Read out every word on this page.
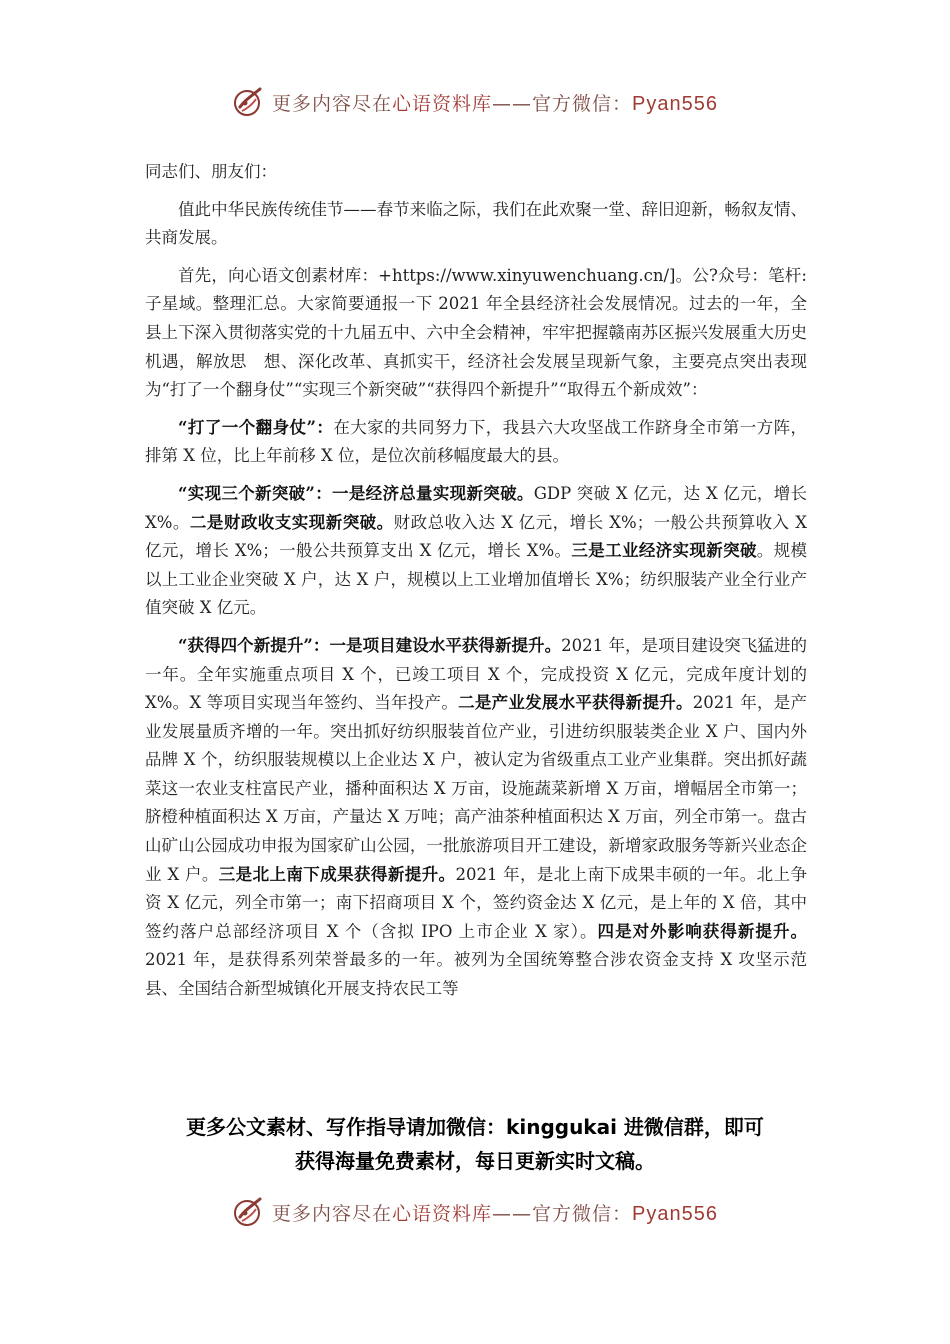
更多内容尽在心语资料库——官方微信：Pyan556

同志们、朋友们：

值此中华民族传统佳节——春节来临之际，我们在此欢聚一堂、辞旧迎新，畅叙友情、共商发展。

首先，向心语文创素材库：+https://www.xinyuwenchuang.cn/]。公?众号：笔杆:子星域。整理汇总。大家简要通报一下 2021 年全县经济社会发展情况。过去的一年，全县上下深入贯彻落实党的十九届五中、六中全会精神，牢牢把握赣南苏区振兴发展重大历史机遇，解放思　想、深化改革、真抓实干，经济社会发展呈现新气象，主要亮点突出表现为“打了一个翻身仗”“实现三个新突破”“获得四个新提升”“取得五个新成效”：

“打了一个翻身仗”：在大家的共同努力下，我县六大攻坚战工作跻身全市第一方阵，排第 X 位，比上年前移 X 位，是位次前移幅度最大的县。

“实现三个新突破”：一是经济总量实现新突破。GDP 突破 X 亿元，达 X 亿元，增长 X%。二是财政收支实现新突破。财政总收入达 X 亿元，增长 X%；一般公共预算收入 X 亿元，增长 X%；一般公共预算支出 X 亿元，增长 X%。三是工业经济实现新突破。规模以上工业企业突破 X 户，达 X 户，规模以上工业增加值增长 X%；纺织服装产业全行业产值突破 X 亿元。

“获得四个新提升”：一是项目建设水平获得新提升。2021 年，是项目建设突飞猛进的一年。全年实施重点项目 X 个，已竣工项目 X 个，完成投资 X 亿元，完成年度计划的 X%。X 等项目实现当年签约、当年投产。二是产业发展水平获得新提升。2021 年，是产业发展量质齐增的一年。突出抓好纺织服装首位产业，引进纺织服装类企业 X 户、国内外品牌 X 个，纺织服装规模以上企业达 X 户，被认定为省级重点工业产业集群。突出抓好蔬菜这一农业支柱富民产业，播种面积达 X 万亩，设施蔬菜新增 X 万亩，增幅居全市第一；脐橙种植面积达 X 万亩，产量达 X 万吨；高产油茶种植面积达 X 万亩，列全市第一。盘古山矿山公园成功申报为国家矿山公园，一批旅游项目开工建设，新增家政服务等新兴业态企业 X 户。三是北上南下成果获得新提升。2021 年，是北上南下成果丰硕的一年。北上争资 X 亿元，列全市第一；南下招商项目 X 个，签约资金达 X 亿元，是上年的 X 倍，其中签约落户总部经济项目 X 个（含拟 IPO 上市企业 X 家）。四是对外影响获得新提升。2021 年，是获得系列荣誉最多的一年。被列为全国统筹整合涉农资金支持 X 攻坚示范县、全国结合新型城镇化开展支持农民工等

更多公文素材、写作指导请加微信：kinggukai 进微信群，即可
获得海量免费素材，每日更新实时文稿。
更多内容尽在心语资料库——官方微信：Pyan556
